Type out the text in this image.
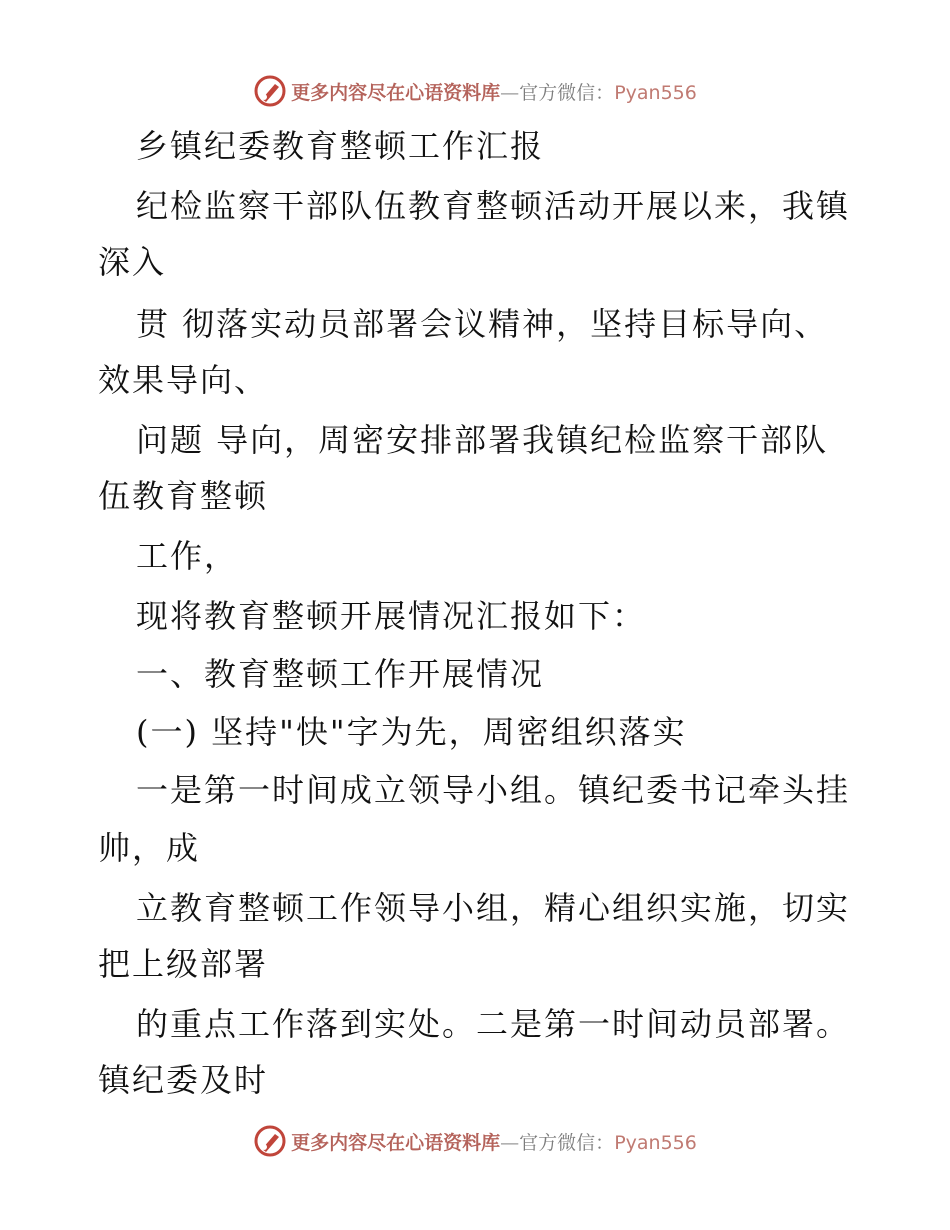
更多内容尽在心语资料库—官方微信：Pyan556
乡镇纪委教育整顿工作汇报
纪检监察干部队伍教育整顿活动开展以来，我镇
深入
贯 彻落实动员部署会议精神，坚持目标导向、
效果导向、
问题 导向，周密安排部署我镇纪检监察干部队
伍教育整顿
工作，
现将教育整顿开展情况汇报如下：
一、教育整顿工作开展情况
(一) 坚持"快"字为先，周密组织落实
一是第一时间成立领导小组。镇纪委书记牵头挂
帅，成
立教育整顿工作领导小组，精心组织实施，切实
把上级部署
的重点工作落到实处。二是第一时间动员部署。
镇纪委及时
更多内容尽在心语资料库—官方微信：Pyan556
